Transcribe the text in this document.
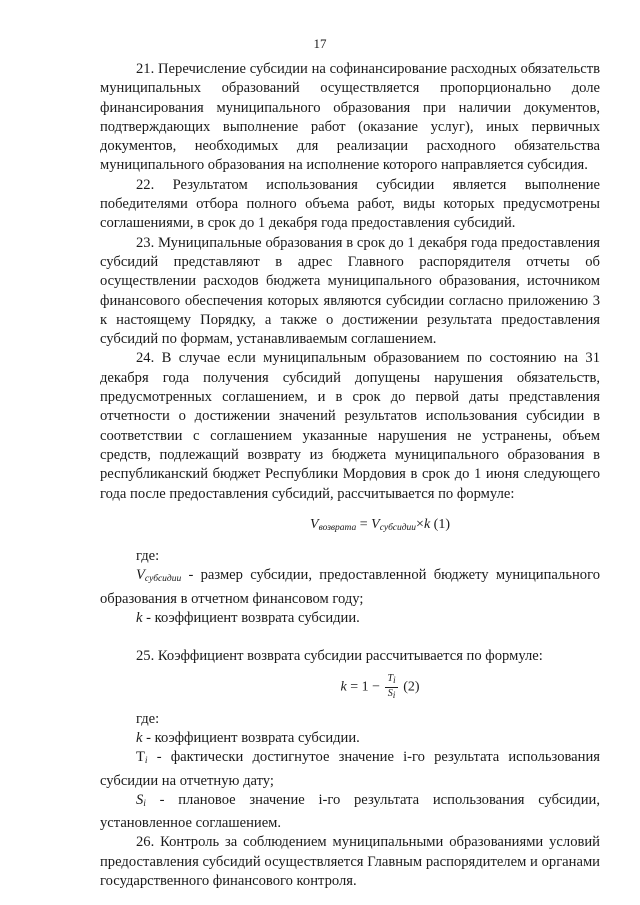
17

21. Перечисление субсидии на софинансирование расходных обязательств муниципальных образований осуществляется пропорционально доле финансирования муниципального образования при наличии документов, подтверждающих выполнение работ (оказание услуг), иных первичных документов, необходимых для реализации расходного обязательства муниципального образования на исполнение которого направляется субсидия.

22. Результатом использования субсидии является выполнение победителями отбора полного объема работ, виды которых предусмотрены соглашениями, в срок до 1 декабря года предоставления субсидий.

23. Муниципальные образования в срок до 1 декабря года предоставления субсидий представляют в адрес Главного распорядителя отчеты об осуществлении расходов бюджета муниципального образования, источником финансового обеспечения которых являются субсидии согласно приложению 3 к настоящему Порядку, а также о достижении результата предоставления субсидий по формам, устанавливаемым соглашением.

24. В случае если муниципальным образованием по состоянию на 31 декабря года получения субсидий допущены нарушения обязательств, предусмотренных соглашением, и в срок до первой даты представления отчетности о достижении значений результатов использования субсидии в соответствии с соглашением указанные нарушения не устранены, объем средств, подлежащий возврату из бюджета муниципального образования в республиканский бюджет Республики Мордовия в срок до 1 июня следующего года после предоставления субсидий, рассчитывается по формуле:

$V_{возврата} = V_{субсидии}\times k$ (1)

где:

$V_{субсидии}$ - размер субсидии, предоставленной бюджету муниципального образования в отчетном финансовом году;

k - коэффициент возврата субсидии.

25. Коэффициент возврата субсидии рассчитывается по формуле:

$k = 1 - \frac{Ti}{Si} (2)$

где:

k - коэффициент возврата субсидии.

$T_i$ - фактически достигнутое значение i-го результата использования субсидии на отчетную дату;

$S_i$ - плановое значение i-го результата использования субсидии, установленное соглашением.

26. Контроль за соблюдением муниципальными образованиями условий предоставления субсидий осуществляется Главным распорядителем и органами государственного финансового контроля.
